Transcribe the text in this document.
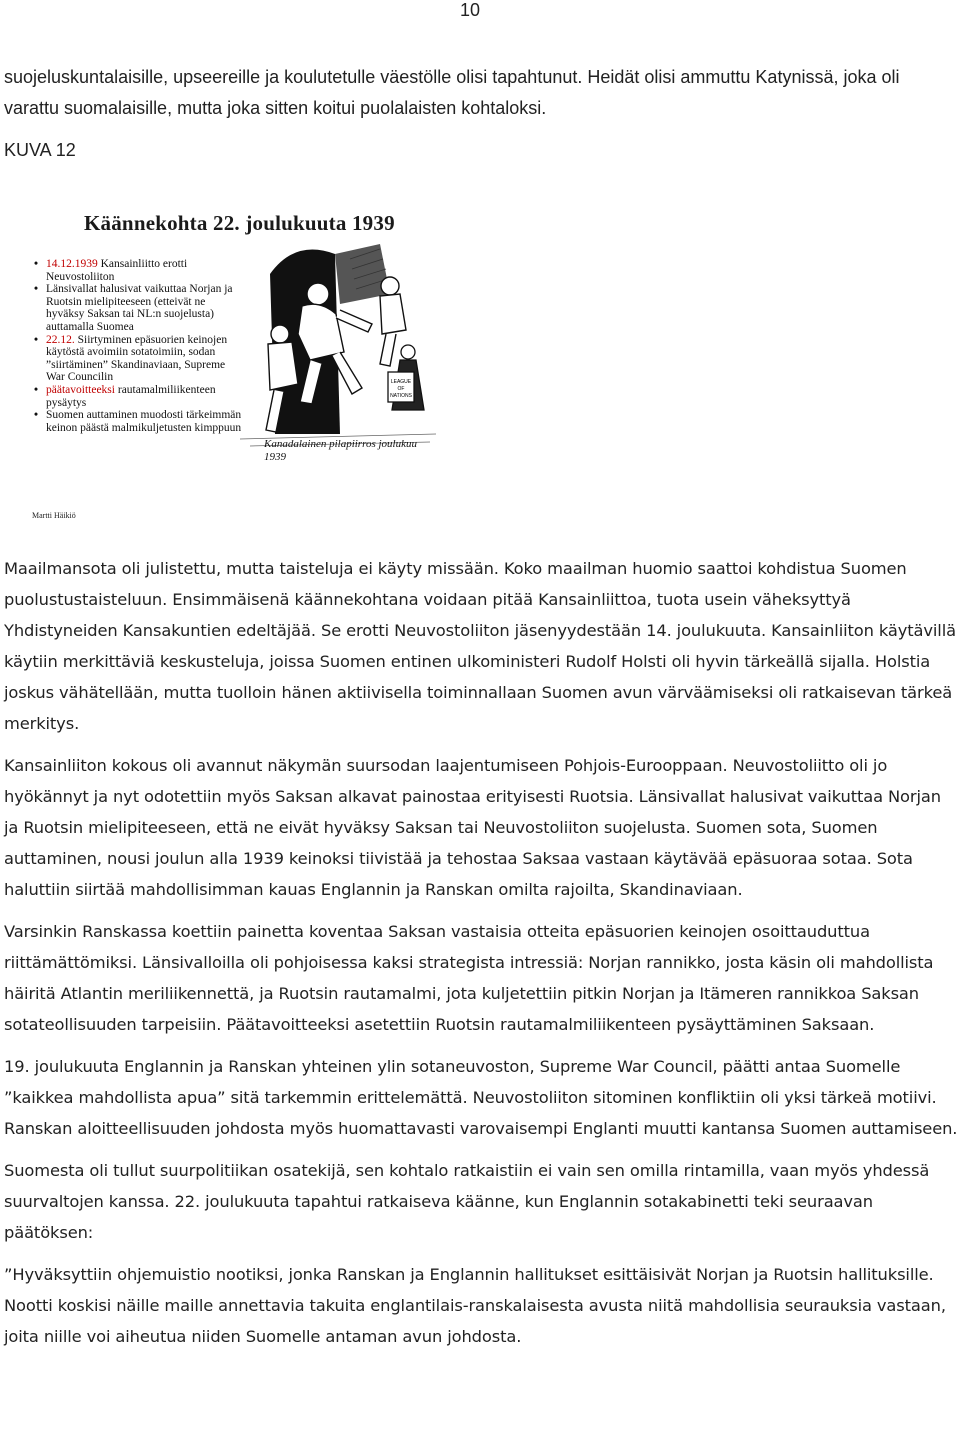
10

suojeluskuntalaisille, upseereille ja koulutetulle väestölle olisi tapahtunut. Heidät olisi ammuttu Katynissä, joka oli varattu suomalaisille, mutta joka sitten koitui puolalaisten kohtaloksi.

KUVA 12
Käännekohta 22. joulukuuta 1939
• 14.12.1939 Kansainliitto erotti Neuvostoliiton
• Länsivallat halusivat vaikuttaa Norjan ja Ruotsin mielipiteeseen (etteivät ne hyväksy Saksan tai NL:n suojelusta) auttamalla Suomea
• 22.12. Siirtyminen epäsuorien keinojen käytöstä avoimiin sotatoimiin, sodan ”siirtäminen” Skandinaviaan, Supreme War Councilin
• päätavoitteeksi rautamalmiliikenteen pysäytys
• Suomen auttaminen muodosti tärkeimmän keinon päästä malmikuljetusten kimppuun
LEAGUE
OF
NATIONS
Kanadalainen pilapiirros joulukuu 1939
Martti Häikiö

Maailmansota oli julistettu, mutta taisteluja ei käyty missään. Koko maailman huomio saattoi kohdistua Suomen puolustustaisteluun. Ensimmäisenä käännekohtana voidaan pitää Kansainliittoa, tuota usein väheksyttyä Yhdistyneiden Kansakuntien edeltäjää. Se erotti Neuvostoliiton jäsenyydestään 14. joulukuuta. Kansainliiton käytävillä käytiin merkittäviä keskusteluja, joissa Suomen entinen ulkoministeri Rudolf Holsti oli hyvin tärkeällä sijalla. Holstia joskus vähätellään, mutta tuolloin hänen aktiivisella toiminnallaan Suomen avun värväämiseksi oli ratkaisevan tärkeä merkitys.

Kansainliiton kokous oli avannut näkymän suursodan laajentumiseen Pohjois-Eurooppaan. Neuvostoliitto oli jo hyökännyt ja nyt odotettiin myös Saksan alkavat painostaa erityisesti Ruotsia. Länsivallat halusivat vaikuttaa Norjan ja Ruotsin mielipiteeseen, että ne eivät hyväksy Saksan tai Neuvostoliiton suojelusta. Suomen sota, Suomen auttaminen, nousi joulun alla 1939 keinoksi tiivistää ja tehostaa Saksaa vastaan käytävää epäsuoraa sotaa. Sota haluttiin siirtää mahdollisimman kauas Englannin ja Ranskan omilta rajoilta, Skandinaviaan.

Varsinkin Ranskassa koettiin painetta koventaa Saksan vastaisia otteita epäsuorien keinojen osoittauduttua riittämättömiksi. Länsivalloilla oli pohjoisessa kaksi strategista intressiä: Norjan rannikko, josta käsin oli mahdollista häiritä Atlantin meriliikennettä, ja Ruotsin rautamalmi, jota kuljetettiin pitkin Norjan ja Itämeren rannikkoa Saksan sotateollisuuden tarpeisiin. Päätavoitteeksi asetettiin Ruotsin rautamalmiliikenteen pysäyttäminen Saksaan.

19. joulukuuta Englannin ja Ranskan yhteinen ylin sotaneuvoston, Supreme War Council, päätti antaa Suomelle ”kaikkea mahdollista apua” sitä tarkemmin erittelemättä. Neuvostoliiton sitominen konfliktiin oli yksi tärkeä motiivi. Ranskan aloitteellisuuden johdosta myös huomattavasti varovaisempi Englanti muutti kantansa Suomen auttamiseen.

Suomesta oli tullut suurpolitiikan osatekijä, sen kohtalo ratkaistiin ei vain sen omilla rintamilla, vaan myös yhdessä suurvaltojen kanssa. 22. joulukuuta tapahtui ratkaiseva käänne, kun Englannin sotakabinetti teki seuraavan päätöksen:

”Hyväksyttiin ohjemuistio nootiksi, jonka Ranskan ja Englannin hallitukset esittäisivät Norjan ja Ruotsin hallituksille. Nootti koskisi näille maille annettavia takuita englantilais-ranskalaisesta avusta niitä mahdollisia seurauksia vastaan, joita niille voi aiheutua niiden Suomelle antaman avun johdosta.
